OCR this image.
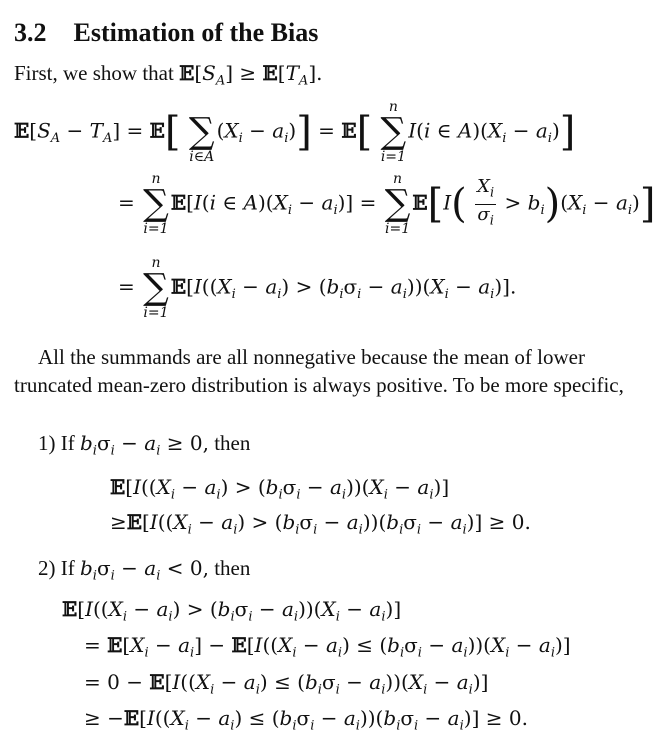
3.2 Estimation of the Bias
First, we show that $𝔼[S_A]$ ≥ $𝔼[T_A]$.
$𝔼[S_A - T_A]$ = 𝔼[
∑
i∈A
$(X_i - a_i)$] = 𝔼[
n
∑
i=1
I(i ∈ $A)(X_i - a_i)$]
=
n
∑
i=1
𝔼[I(i ∈ $A)(X_i - a_i)$] =
n
∑
i=1
𝔼[I( $\frac{X_i}{\sigma_i} > b_i)(X_i - a_i)$]
=
n
∑
i=1
$𝔼[I((X_i - a_i) > (b_i\sigma_i - a_i))(X_i - a_i)]$.
All the summands are all nonnegative because the mean of lower truncated mean-zero distribution is always positive. To be more specific,
1) If $b_i\sigma_i - a_i \ge 0$, then
$𝔼[I((X_i - a_i) > (b_i\sigma_i - a_i))(X_i - a_i)]$
$\ge 𝔼[I((X_i - a_i) > (b_i\sigma_i - a_i))(b_i\sigma_i - a_i)] \ge 0$.
2) If $b_i\sigma_i - a_i < 0$, then
$𝔼[I((X_i - a_i) > (b_i\sigma_i - a_i))(X_i - a_i)]$
= $𝔼[X_i - a_i]$ − $𝔼[I((X_i - a_i) \le (b_i\sigma_i - a_i))(X_i - a_i)]$
= $0 - 𝔼[I((X_i - a_i) \le (b_i\sigma_i - a_i))(X_i - a_i)]$
≥ $-𝔼[I((X_i - a_i) \le (b_i\sigma_i - a_i))(b_i\sigma_i - a_i)] \ge 0$.
